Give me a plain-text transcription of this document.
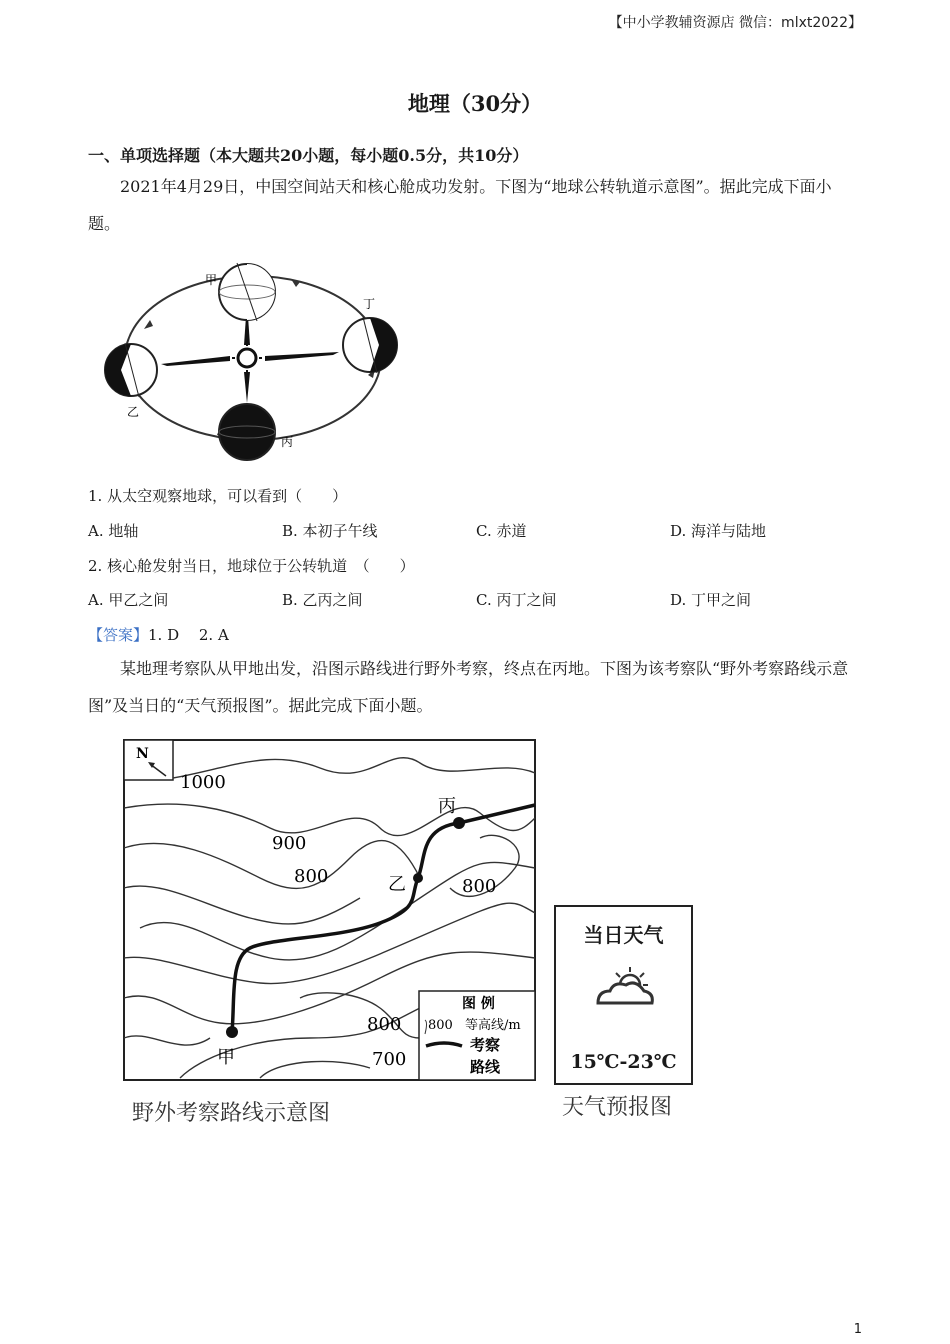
【中小学教辅资源店 微信：mlxt2022】
地理（30分）
一、单项选择题（本大题共20小题，每小题0.5分，共10分）
2021年4月29日，中国空间站天和核心舱成功发射。下图为“地球公转轨道示意图”。据此完成下面小题。
甲
乙
丙
丁
1. 从太空观察地球，可以看到（　　）
A. 地轴	B. 本初子午线	C. 赤道	D. 海洋与陆地
2. 核心舱发射当日，地球位于公转轨道　（　　）
A. 甲乙之间	B. 乙丙之间	C. 丙丁之间	D. 丁甲之间
【答案】1. D　 2. A
某地理考察队从甲地出发，沿图示路线进行野外考察，终点在丙地。下图为该考察队“野外考察路线示意图”及当日的“天气预报图”。据此完成下面小题。
N
甲
乙
丙
1000
900
800	800
800
700
图 例
800 等高线/m
考察
路线
野外考察路线示意图
当日天气
15℃-23℃
天气预报图
1
